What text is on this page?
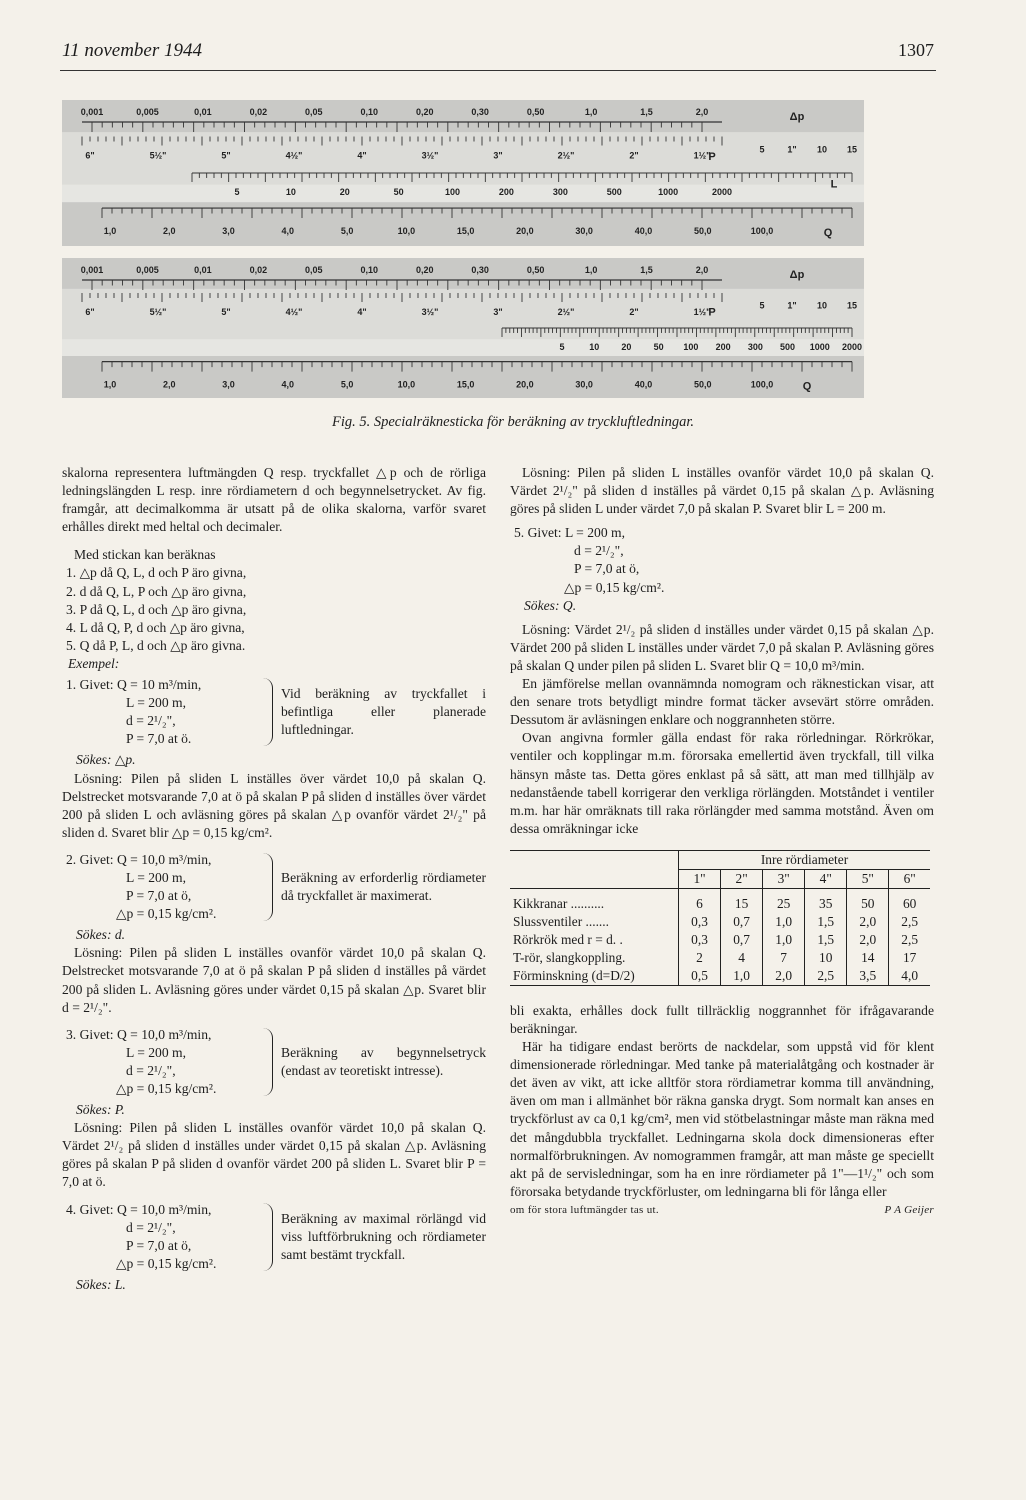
11 november 1944	1307
0,001	0,005	0,01	0,02	0,05	0,10	0,20	0,30	0,50	1,0	1,5	2,0	Δp
6"	5½"	5"	4½"	4"	3½"	3"	2½"	2"	1½"
5	1" 10 15
P
5	10	20	50	100	200	300	500	1000	2000
L
1,0	2,0	3,0	4,0	5,0	10,0	15,0	20,0	30,0	40,0	50,0	100,0	Q
0,001	0,005	0,01	0,02	0,05	0,10	0,20	0,30	0,50	1,0	1,5	2,0	Δp
6"	5½"	5"	4½"	4"	3½"	3"	2½"	2"	1½"
5	1" 10 15
P
5	10 20 50 100 200 300 500 1000 2000
1,0	2,0	3,0	4,0	5,0	10,0	15,0	20,0	30,0	40,0	50,0	100,0	Q
Fig. 5. Specialräknesticka för beräkning av tryckluftledningar.

skalorna representera luftmängden Q resp. tryckfallet △p och de rörliga ledningslängden L resp. inre rördiametern d och begynnelsetrycket. Av fig. framgår, att decimalkomma är utsatt på de olika skalorna, varför svaret erhålles direkt med heltal och decimaler.

Med stickan kan beräknas

1. △p då Q, L, d och P äro givna,
2. d då Q, L, P och △p äro givna,
3. P då Q, L, d och △p äro givna,
4. L då Q, P, d och △p äro givna,
5. Q då P, L, d och △p äro givna.
Exempel:
1. Givet: Q = 10 m³/min,
L = 200 m,
d = 2¹/₂",
P = 7,0 at ö.
Vid beräkning av tryckfallet i befintliga eller planerade luftledningar.
Sökes: △p.

Lösning: Pilen på sliden L inställes över värdet 10,0 på skalan Q. Delstrecket motsvarande 7,0 at ö på skalan P på sliden d inställes över värdet 200 på sliden L och avläsning göres på skalan △p ovanför värdet 2¹/₂" på sliden d. Svaret blir △p = 0,15 kg/cm².

2. Givet: Q = 10,0 m³/min,
L = 200 m,
P = 7,0 at ö,
△p = 0,15 kg/cm².
Beräkning av erforderlig rördiameter då tryckfallet är maximerat.
Sökes: d.

Lösning: Pilen på sliden L inställes ovanför värdet 10,0 på skalan Q. Delstrecket motsvarande 7,0 at ö på skalan P på sliden d inställes på värdet 200 på sliden L. Avläsning göres under värdet 0,15 på skalan △p. Svaret blir d = 2¹/₂".

3. Givet: Q = 10,0 m³/min,
L = 200 m,
d = 2¹/₂",
△p = 0,15 kg/cm².
Beräkning av begynnelsetryck (endast av teoretiskt intresse).
Sökes: P.

Lösning: Pilen på sliden L inställes ovanför värdet 10,0 på skalan Q. Värdet 2¹/₂ på sliden d inställes under värdet 0,15 på skalan △p. Avläsning göres på skalan P på sliden d ovanför värdet 200 på sliden L. Svaret blir P = 7,0 at ö.

4. Givet: Q = 10,0 m³/min,
d = 2¹/₂",
P = 7,0 at ö,
△p = 0,15 kg/cm².
Beräkning av maximal rörlängd vid viss luftförbrukning och rördiameter samt bestämt tryckfall.
Sökes: L.

Lösning: Pilen på sliden L inställes ovanför värdet 10,0 på skalan Q. Värdet 2¹/₂" på sliden d inställes på värdet 0,15 på skalan △p. Avläsning göres på sliden L under värdet 7,0 på skalan P. Svaret blir L = 200 m.

5. Givet: L = 200 m,
d = 2¹/₂",
P = 7,0 at ö,
△p = 0,15 kg/cm².
Sökes: Q.

Lösning: Värdet 2¹/₂ på sliden d inställes under värdet 0,15 på skalan △p. Värdet 200 på sliden L inställes under värdet 7,0 på skalan P. Avläsning göres på skalan Q under pilen på sliden L. Svaret blir Q = 10,0 m³/min.

En jämförelse mellan ovannämnda nomogram och räknestickan visar, att den senare trots betydligt mindre format täcker avsevärt större områden. Dessutom är avläsningen enklare och noggrannheten större.

Ovan angivna formler gälla endast för raka rörledningar. Rörkrökar, ventiler och kopplingar m.m. förorsaka emellertid även tryckfall, till vilka hänsyn måste tas. Detta göres enklast på så sätt, att man med tillhjälp av nedanstående tabell korrigerar den verkliga rörlängden. Motståndet i ventiler m.m. har här omräknats till raka rörlängder med samma motstånd. Även om dessa omräkningar icke

	Inre rördiameter					
	1"	2"	3"	4"	5"	6"
Kikkranar ..........	6	15	25	35	50	60
Slussventiler .......	0,3	0,7	1,0	1,5	2,0	2,5
Rörkrök med r = d. .	0,3	0,7	1,0	1,5	2,0	2,5
T-rör, slangkoppling.	2	4	7	10	14	17
Förminskning (d=D/2)	0,5	1,0	2,0	2,5	3,5	4,0

bli exakta, erhålles dock fullt tillräcklig noggrannhet för ifrågavarande beräkningar.

Här ha tidigare endast berörts de nackdelar, som uppstå vid för klent dimensionerade rörledningar. Med tanke på materialåtgång och kostnader är det även av vikt, att icke alltför stora rördiametrar komma till användning, även om man i allmänhet bör räkna ganska drygt. Som normalt kan anses en tryckförlust av ca 0,1 kg/cm², men vid stötbelastningar måste man räkna med det mångdubbla tryckfallet. Ledningarna skola dock dimensioneras efter normalförbrukningen. Av nomogrammen framgår, att man måste ge speciellt akt på de servisledningar, som ha en inre rördiameter på 1"—1¹/₂" och som förorsaka betydande tryckförluster, om ledningarna bli för långa eller

om för stora luftmängder tas ut.	P A Geijer
